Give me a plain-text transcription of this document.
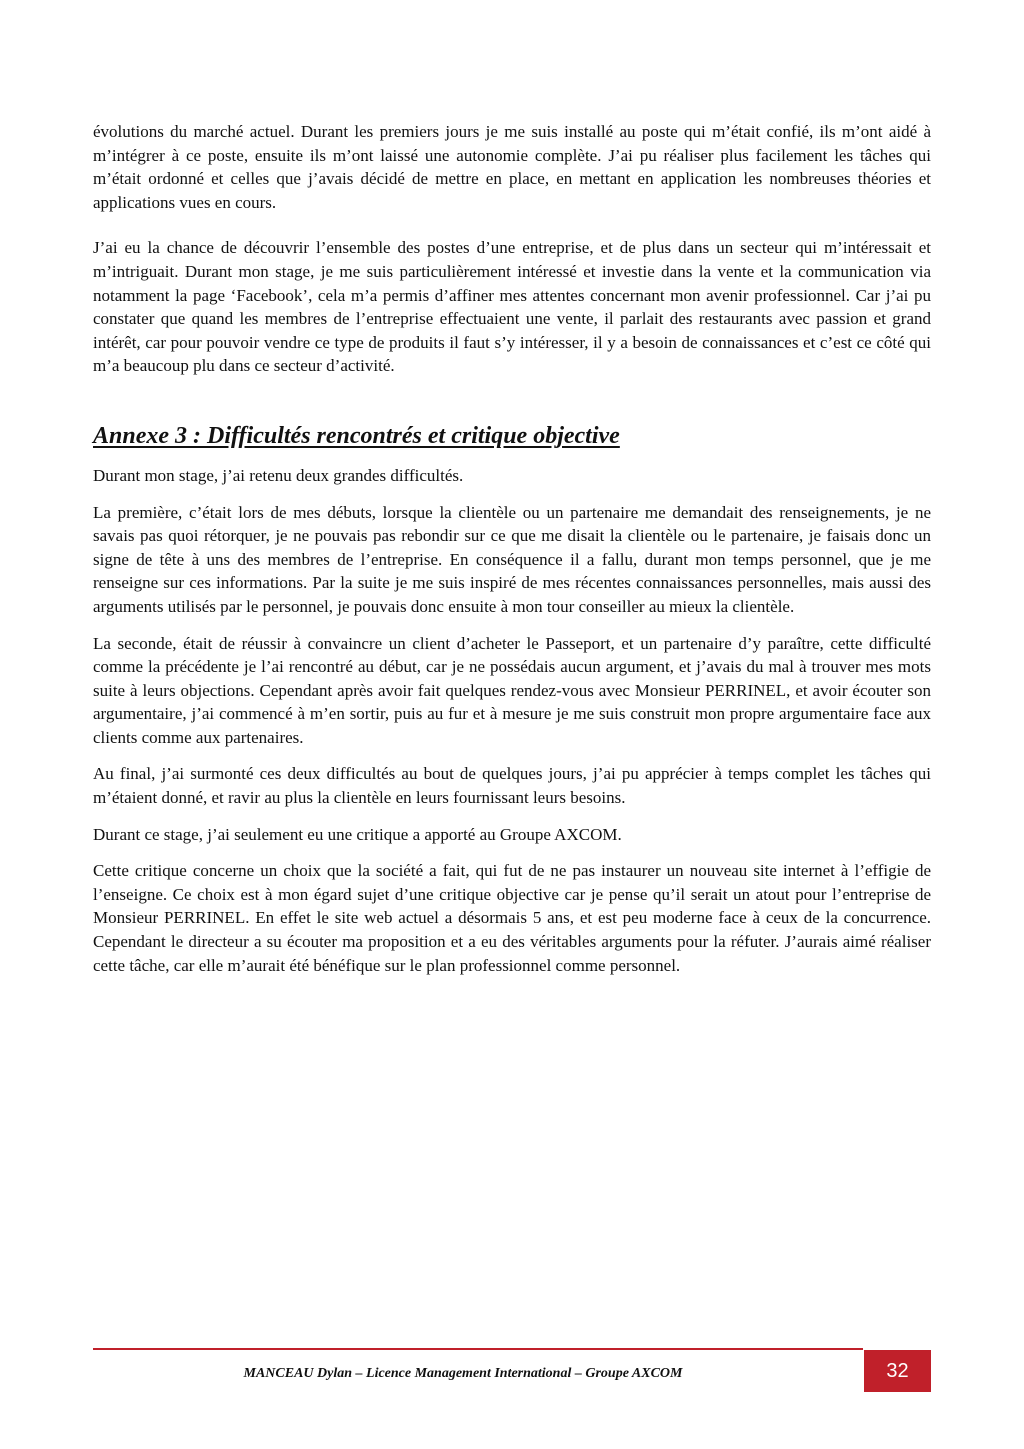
évolutions du marché actuel. Durant les premiers jours je me suis installé au poste qui m’était confié, ils m’ont aidé à m’intégrer à ce poste, ensuite ils m’ont laissé une autonomie complète. J’ai pu réaliser plus facilement les tâches qui m’était ordonné et celles que j’avais décidé de mettre en place, en mettant en application les nombreuses théories et applications vues en cours.

J’ai eu la chance de découvrir l’ensemble des postes d’une entreprise, et de plus dans un secteur qui m’intéressait et m’intriguait. Durant mon stage, je me suis particulièrement intéressé et investie dans la vente et la communication via notamment la page ‘Facebook’, cela m’a permis d’affiner mes attentes concernant mon avenir professionnel. Car j’ai pu constater que quand les membres de l’entreprise effectuaient une vente, il parlait des restaurants avec passion et grand intérêt, car pour pouvoir vendre ce type de produits il faut s’y intéresser, il y a besoin de connaissances et c’est ce côté qui m’a beaucoup plu dans ce secteur d’activité.

Annexe 3 : Difficultés rencontrés et critique objective

Durant mon stage, j’ai retenu deux grandes difficultés.

La première, c’était lors de mes débuts, lorsque la clientèle ou un partenaire me demandait des renseignements, je ne savais pas quoi rétorquer, je ne pouvais pas rebondir sur ce que me disait la clientèle ou le partenaire, je faisais donc un signe de tête à uns des membres de l’entreprise. En conséquence il a fallu, durant mon temps personnel, que je me renseigne sur ces informations. Par la suite je me suis inspiré de mes récentes connaissances personnelles, mais aussi des arguments utilisés par le personnel, je pouvais donc ensuite à mon tour conseiller au mieux la clientèle.

La seconde, était de réussir à convaincre un client d’acheter le Passeport, et un partenaire d’y paraître, cette difficulté comme la précédente je l’ai rencontré au début, car je ne possédais aucun argument, et j’avais du mal à trouver mes mots suite à leurs objections. Cependant après avoir fait quelques rendez-vous avec Monsieur PERRINEL, et avoir écouter son argumentaire, j’ai commencé à m’en sortir, puis au fur et à mesure je me suis construit mon propre argumentaire face aux clients comme aux partenaires.

Au final, j’ai surmonté ces deux difficultés au bout de quelques jours, j’ai pu apprécier à temps complet les tâches qui m’étaient donné, et ravir au plus la clientèle en leurs fournissant leurs besoins.

Durant ce stage, j’ai seulement eu une critique a apporté au Groupe AXCOM.

Cette critique concerne un choix que la société a fait, qui fut de ne pas instaurer un nouveau site internet à l’effigie de l’enseigne. Ce choix est à mon égard sujet d’une critique objective car je pense qu’il serait un atout pour l’entreprise de Monsieur PERRINEL. En effet le site web actuel a désormais 5 ans, et est peu moderne face à ceux de la concurrence. Cependant le directeur a su écouter ma proposition et a eu des véritables arguments pour la réfuter. J’aurais aimé réaliser cette tâche, car elle m’aurait été bénéfique sur le plan professionnel comme personnel.

MANCEAU Dylan – Licence Management International – Groupe AXCOM	32
